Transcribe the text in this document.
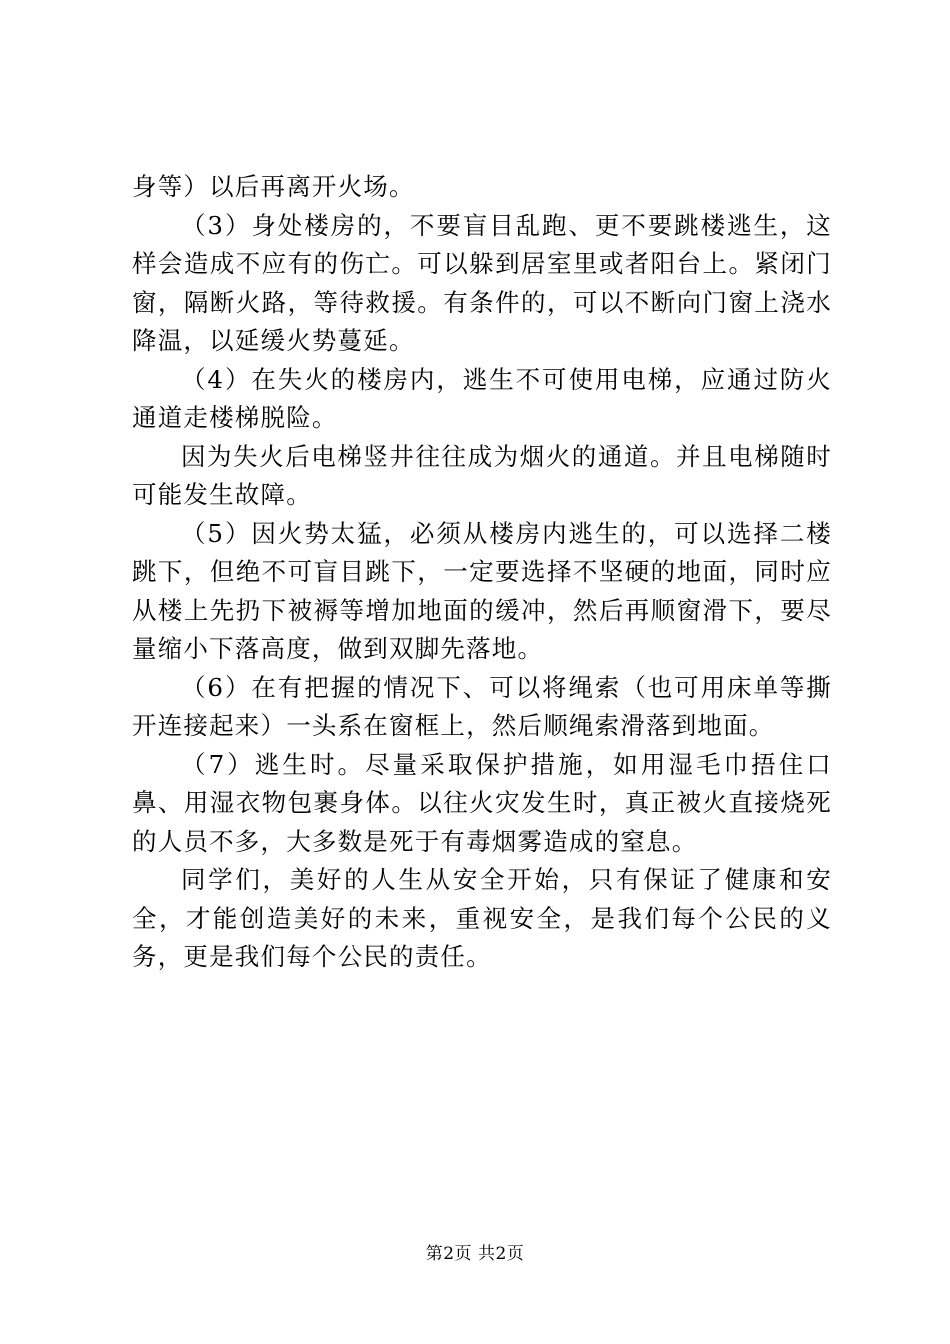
身等）以后再离开火场。

（3）身处楼房的，不要盲目乱跑、更不要跳楼逃生，这样会造成不应有的伤亡。可以躲到居室里或者阳台上。紧闭门窗，隔断火路，等待救援。有条件的，可以不断向门窗上浇水降温，以延缓火势蔓延。

（4）在失火的楼房内，逃生不可使用电梯，应通过防火通道走楼梯脱险。

因为失火后电梯竖井往往成为烟火的通道。并且电梯随时可能发生故障。

（5）因火势太猛，必须从楼房内逃生的，可以选择二楼跳下，但绝不可盲目跳下，一定要选择不坚硬的地面，同时应从楼上先扔下被褥等增加地面的缓冲，然后再顺窗滑下，要尽量缩小下落高度，做到双脚先落地。

（6）在有把握的情况下、可以将绳索（也可用床单等撕开连接起来）一头系在窗框上，然后顺绳索滑落到地面。

（7）逃生时。尽量采取保护措施，如用湿毛巾捂住口鼻、用湿衣物包裹身体。以往火灾发生时，真正被火直接烧死的人员不多，大多数是死于有毒烟雾造成的窒息。

同学们，美好的人生从安全开始，只有保证了健康和安全，才能创造美好的未来，重视安全，是我们每个公民的义务，更是我们每个公民的责任。

第2页 共2页
